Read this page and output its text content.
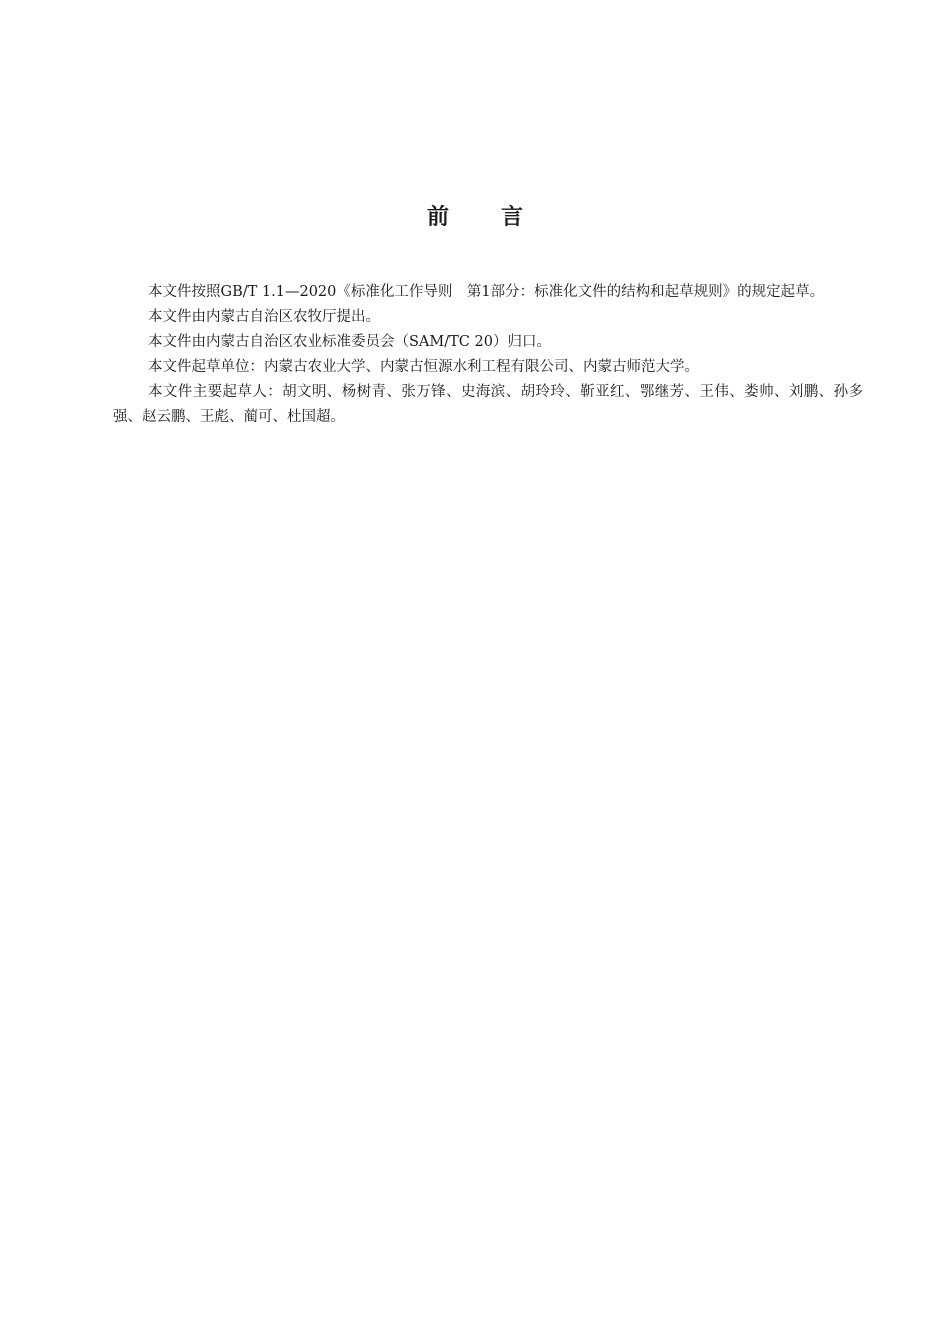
前 言

本文件按照GB/T 1.1—2020《标准化工作导则　第1部分：标准化文件的结构和起草规则》的规定起草。

本文件由内蒙古自治区农牧厅提出。

本文件由内蒙古自治区农业标准委员会（SAM/TC 20）归口。

本文件起草单位：内蒙古农业大学、内蒙古恒源水利工程有限公司、内蒙古师范大学。

本文件主要起草人：胡文明、杨树青、张万锋、史海滨、胡玲玲、靳亚红、鄂继芳、王伟、娄帅、刘鹏、孙多强、赵云鹏、王彪、蔺可、杜国超。
